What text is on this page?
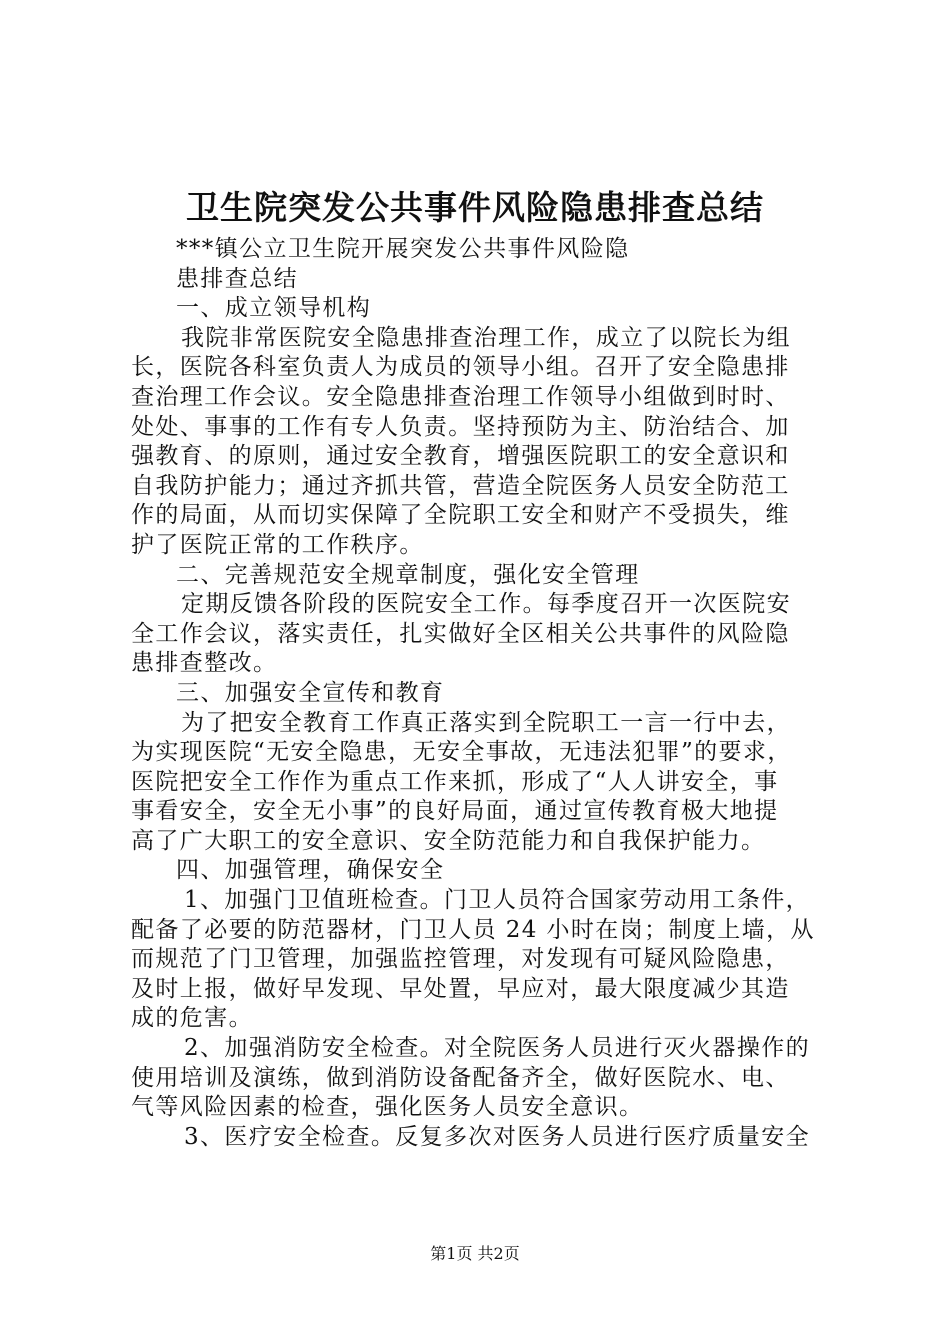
卫生院突发公共事件风险隐患排查总结
***镇公立卫生院开展突发公共事件风险隐
患排查总结
一、成立领导机构
我院非常医院安全隐患排查治理工作，成立了以院长为组
长，医院各科室负责人为成员的领导小组。召开了安全隐患排
查治理工作会议。安全隐患排查治理工作领导小组做到时时、
处处、事事的工作有专人负责。坚持预防为主、防治结合、加
强教育、的原则，通过安全教育，增强医院职工的安全意识和
自我防护能力；通过齐抓共管，营造全院医务人员安全防范工
作的局面，从而切实保障了全院职工安全和财产不受损失，维
护了医院正常的工作秩序。
二、完善规范安全规章制度，强化安全管理
定期反馈各阶段的医院安全工作。每季度召开一次医院安
全工作会议，落实责任，扎实做好全区相关公共事件的风险隐
患排查整改。
三、加强安全宣传和教育
为了把安全教育工作真正落实到全院职工一言一行中去，
为实现医院“无安全隐患，无安全事故，无违法犯罪”的要求，
医院把安全工作作为重点工作来抓，形成了“人人讲安全，事
事看安全，安全无小事”的良好局面，通过宣传教育极大地提
高了广大职工的安全意识、安全防范能力和自我保护能力。
四、加强管理，确保安全
1、加强门卫值班检查。门卫人员符合国家劳动用工条件，
配备了必要的防范器材，门卫人员 24 小时在岗；制度上墙，从
而规范了门卫管理，加强监控管理，对发现有可疑风险隐患，
及时上报，做好早发现、早处置，早应对，最大限度减少其造
成的危害。
2、加强消防安全检查。对全院医务人员进行灭火器操作的
使用培训及演练，做到消防设备配备齐全，做好医院水、电、
气等风险因素的检查，强化医务人员安全意识。
3、医疗安全检查。反复多次对医务人员进行医疗质量安全
第1页 共2页
